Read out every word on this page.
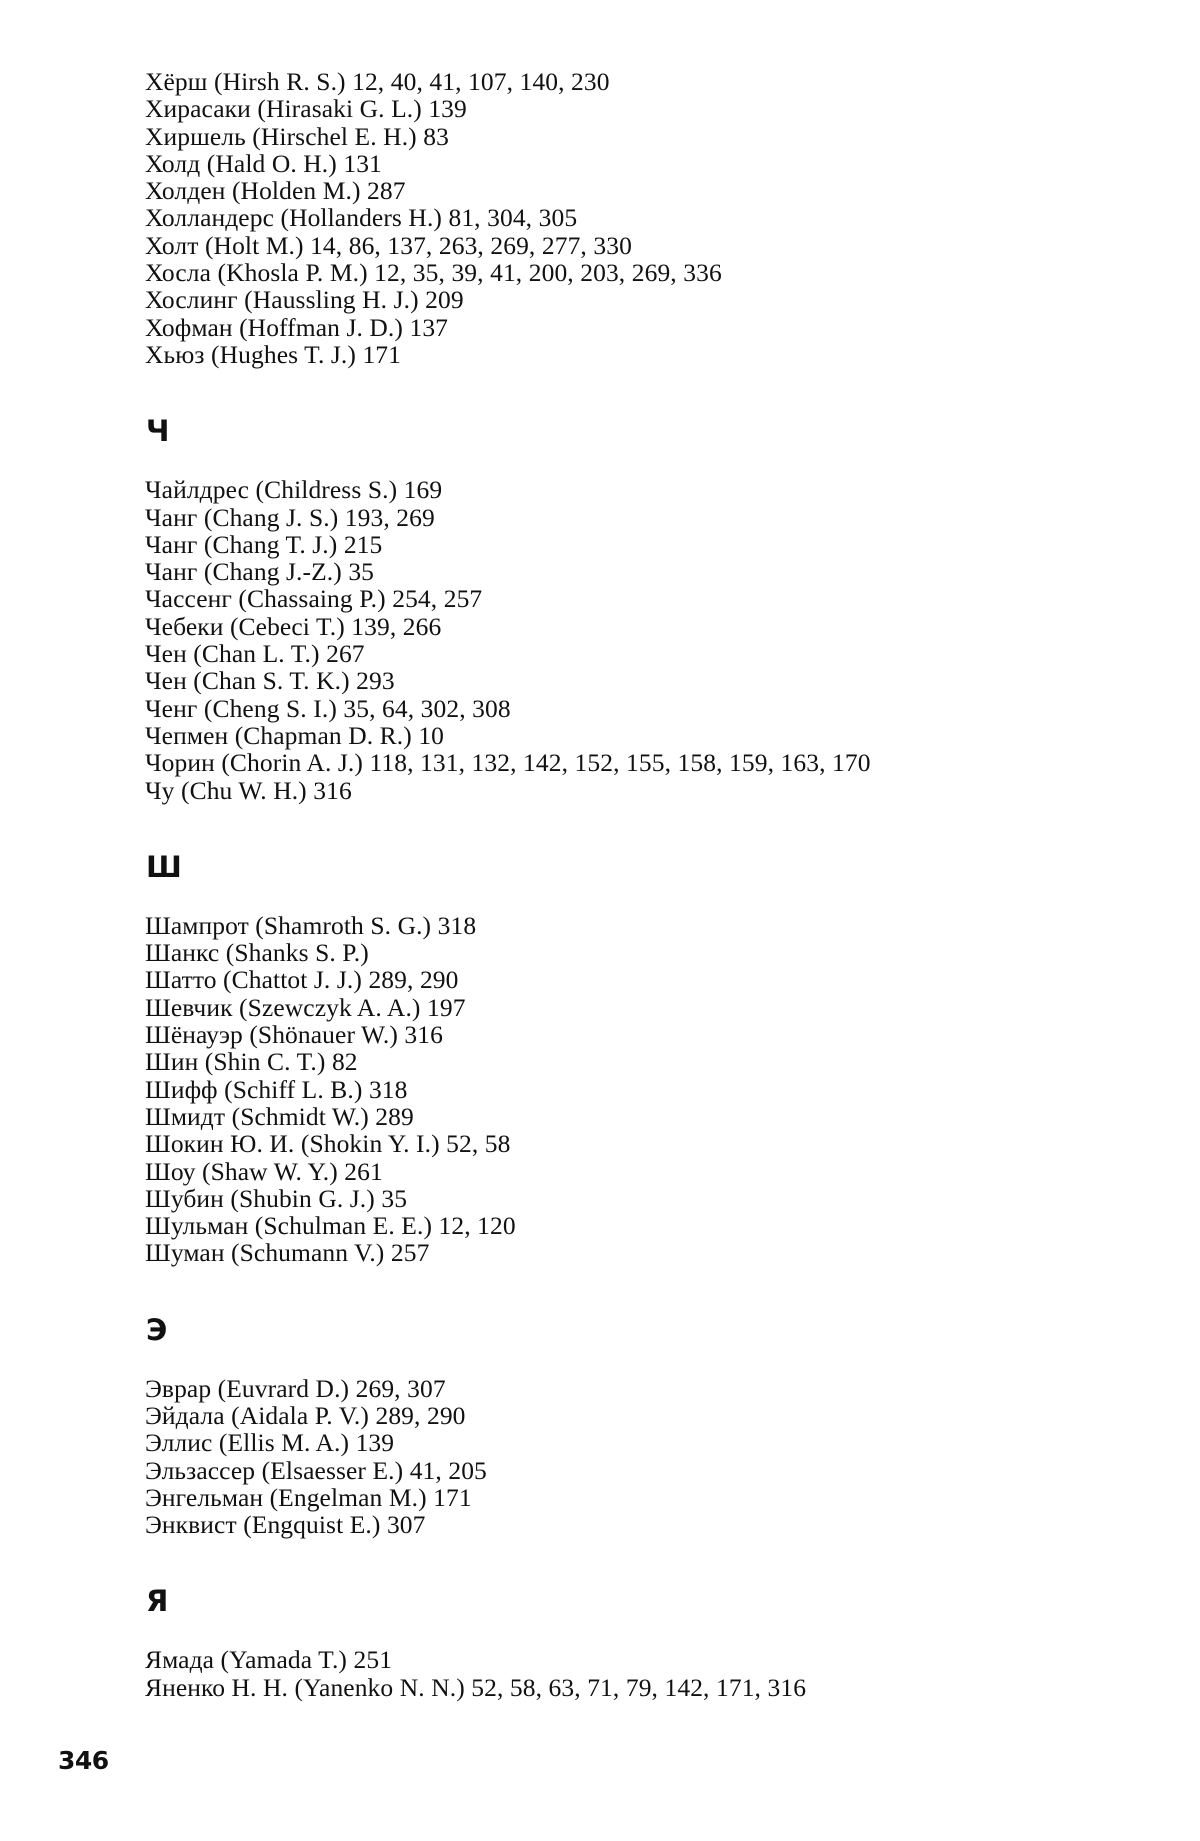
Хёрш (Hirsh R. S.) 12, 40, 41, 107, 140, 230
Хирасаки (Hirasaki G. L.) 139
Хиршель (Hirschel E. H.) 83
Холд (Hald O. H.) 131
Холден (Holden M.) 287
Холландерс (Hollanders H.) 81, 304, 305
Холт (Holt M.) 14, 86, 137, 263, 269, 277, 330
Хосла (Khosla P. M.) 12, 35, 39, 41, 200, 203, 269, 336
Хослинг (Haussling H. J.) 209
Хофман (Hoffman J. D.) 137
Хьюз (Hughes T. J.) 171
Ч
Чайлдрес (Childress S.) 169
Чанг (Chang J. S.) 193, 269
Чанг (Chang T. J.) 215
Чанг (Chang J.-Z.) 35
Чассенг (Chassaing P.) 254, 257
Чебеки (Cebeci T.) 139, 266
Чен (Chan L. T.) 267
Чен (Chan S. T. K.) 293
Ченг (Cheng S. I.) 35, 64, 302, 308
Чепмен (Chapman D. R.) 10
Чорин (Chorin A. J.) 118, 131, 132, 142, 152, 155, 158, 159, 163, 170
Чу (Chu W. H.) 316
Ш
Шампрот (Shamroth S. G.) 318
Шанкс (Shanks S. P.)
Шатто (Chattot J. J.) 289, 290
Шевчик (Szewczyk A. A.) 197
Шёнауэр (Shönauer W.) 316
Шин (Shin C. T.) 82
Шифф (Schiff L. B.) 318
Шмидт (Schmidt W.) 289
Шокин Ю. И. (Shokin Y. I.) 52, 58
Шоу (Shaw W. Y.) 261
Шубин (Shubin G. J.) 35
Шульман (Schulman E. E.) 12, 120
Шуман (Schumann V.) 257
Э
Эврар (Euvrard D.) 269, 307
Эйдала (Aidala P. V.) 289, 290
Эллис (Ellis M. A.) 139
Эльзассер (Elsaesser E.) 41, 205
Энгельман (Engelman M.) 171
Энквист (Engquist E.) 307
Я
Ямада (Yamada T.) 251
Яненко Н. Н. (Yanenko N. N.) 52, 58, 63, 71, 79, 142, 171, 316
346
